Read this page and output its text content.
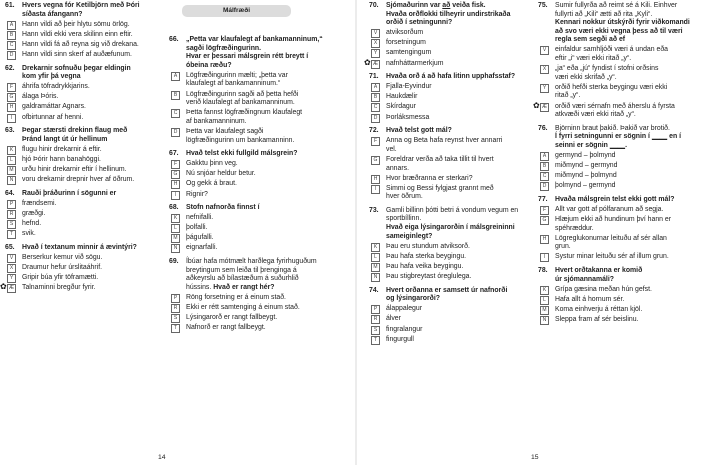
Málfræði
61.	Hvers vegna fór Ketilbjörn með Þóri
síðasta áfangann?
A	Hann vildi að þeir hlytu sömu örlög.
B	Hann vildi ekki vera skilinn einn eftir.
C	Hann vildi fá að reyna sig við drekana.
D	Hann vildi sinn skerf af auðæfunum.
62.	Drekarnir sofnuðu þegar eldingin
kom yfir þá vegna
F	áhrifa töfradrykkjarins.
G	álaga Þóris.
H	galdramáttar Agnars.
I	ofbirtunnar af henni.
63.	Þegar stærsti drekinn flaug með
Þránd langt út úr hellinum
K	flugu hinir drekarnir á eftir.
L	hjó Þórir hann banahöggi.
M	urðu hinir drekarnir eftir í hellinum.
N	voru drekarnir drepnir hver af öðrum.
64.	Rauði þráðurinn í sögunni er
P	frændsemi.
R	græðgi.
S	hefnd.
T	svik.
65.	Hvað í textanum minnir á ævintýri?
V	Berserkur kemur við sögu.
X	Draumur hefur úrslitaáhrif.
Y	Gripir búa yfir töframætti.
✿ Æ Talnaminni bregður fyrir.
66.	„Petta var klaufalegt af bankamanninum,“
sagði lögfræðingurinn.
Hvar er þessari málsgrein rétt breytt í
óbeina ræðu?
A	Lögfræðingurinn mælti; „þetta var
klaufalegt af bankamanninum.“
B	Lögfræðingurinn sagði að þetta hefði
verið klaufalegt af bankamanninum.
C	Þetta fannst lögfræðingnum klaufalegt
af bankamanninum.
D	Þetta var klaufalegt sagði
lögfræðingurinn um bankamanninn.
67.	Hvað telst ekki fullgild málsgrein?
F	Gakktu þinn veg.
G	Nú snjóar heldur betur.
H	Og gekk á braut.
I	Rignir?
68.	Stofn nafnorða finnst í
K	nefnifalli.
L	þolfalli.
M	þágufalli.
N	eignarfalli.
69.	Íbúar hafa mótmælt harðlega fyrirhuguðum
breytingum sem leiða til þrenginga á
aðkeyrslu að bílastæðum á suðurhlið
hússins. Hvað er rangt hér?
P	Röng forsetning er á einum stað.
R	Ekki er rétt samtenging á einum stað.
S	Lýsingarorð er rangt fallbeygt.
T	Nafnorð er rangt fallbeygt.
14
70.	Sjómaðurinn var að veiða fisk.
Hvaða orðflokki tilheyrir undirstrikaða
orðið í setningunni?
V	atviksorðum
X	forsetningum
Y	samtengingum
✿ Æ nafnháttarmerkjum
71.	Hvaða orð á að hafa litinn upphafsstaf?
A	Fjalla-Eyvindur
B	Haukdælir
C	Skírdagur
D	Þorláksmessa
72.	Hvað telst gott mál?
F	Anna og Beta hafa reynst hver annarri
vel.
G	Foreldrar verða að taka tillit til hvert
annars.
H	Hvor bræðranna er sterkari?
I	Simmi og Bessi fylgjast grannt með
hver öðrum.
73.	Gamli billinn þótti betri á vondum vegum en
sportbíllinn.
Hvað eiga lýsingarorðin í málsgreininni
sameiginlegt?
K	Þau eru stundum atviksorð.
L	Þau hafa sterka beygingu.
M	Þau hafa veika beygingu.
N	Þau stigbreytast óreglulega.
74.	Hvert orðanna er samsett úr nafnorði
og lýsingarorði?
P	álappalegur
R	álver
S	fingralangur
T	fingurgull
75.	Sumir fullyrða að reimt sé á Kili. Einhver
fullyrti að „Kili“ ætti að rita „Kyli“.
Kennari nokkur útskýrði fyrir viðkomandi
að svo væri ekki vegna þess að til væri
regla sem segði að ef
V	einfaldur samhljóði væri á undan eða
eftir „i“ væri ekki ritað „y“.
X	„ja“ eða „jú“ fyndist í stofni orðsins
væri ekki skrifað „y“.
Y	orðið hefði sterka beygingu væri ekki
ritað „y“.
✿ Æ orðið væri sérnafn með áherslu á fyrsta
atkvæði væri ekki ritað „y“.
76.	Björninn braut þakið. Þakið var brotið.
Í fyrri setningunni er sögnin í ____ en í
seinni er sögnin ____.
A	germynd – þolmynd
B	miðmynd – germynd
C	miðmynd – þolmynd
D	þolmynd – germynd
77.	Hvaða málsgrein telst ekki gott mál?
F	Allt var gott af pólfaranum að segja.
G	Hlæjum ekki að hundinum því hann er
spéhræddur.
H	Lögreglukonurnar leituðu af sér allan
grun.
I	Systur minar leituðu sér af illum grun.
78.	Hvert orðtakanna er komið
úr sjómannamáli?
K	Grípa gæsina meðan hún gefst.
L	Hafa allt á hornum sér.
M	Koma einhverju á réttan kjöl.
N	Sleppa fram af sér beislinu.
15
